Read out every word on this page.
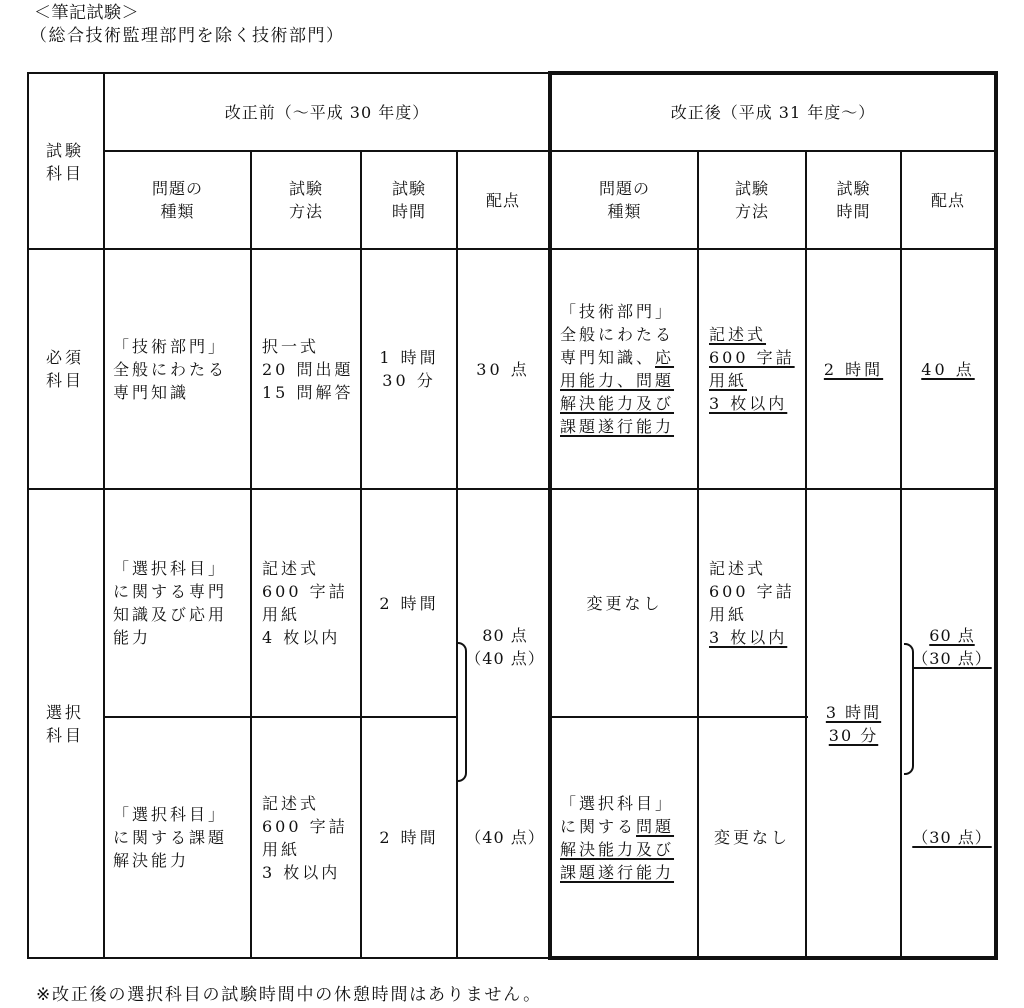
＜筆記試験＞
（総合技術監理部門を除く技術部門）
試験
科目
改正前（～平成 30 年度）	改正後（平成 31 年度～）
問題の
種類
試験
方法
試験
時間
配点
問題の
種類
試験
方法
試験
時間
配点
必須
科目
「技術部門」
全般にわたる
専門知識
択一式
20 問出題
15 問解答
1 時間
30 分
30 点
「技術部門」
全般にわたる
専門知識、応
用能力、問題
解決能力及び
課題遂行能力
記述式
600 字詰
用紙
3 枚以内
2 時間 40 点
選択
科目
「選択科目」
に関する専門
知識及び応用
能力
記述式
600 字詰
用紙
4 枚以内
2 時間
80 点
（40 点）
「選択科目」
に関する課題
解決能力
記述式
600 字詰
用紙
3 枚以内
2 時間 （40 点）
変更なし
記述式
600 字詰
用紙
3 枚以内
3 時間
30 分
60 点
（30 点）
「選択科目」
に関する問題
解決能力及び
課題遂行能力
変更なし	（30 点）
※改正後の選択科目の試験時間中の休憩時間はありません。
